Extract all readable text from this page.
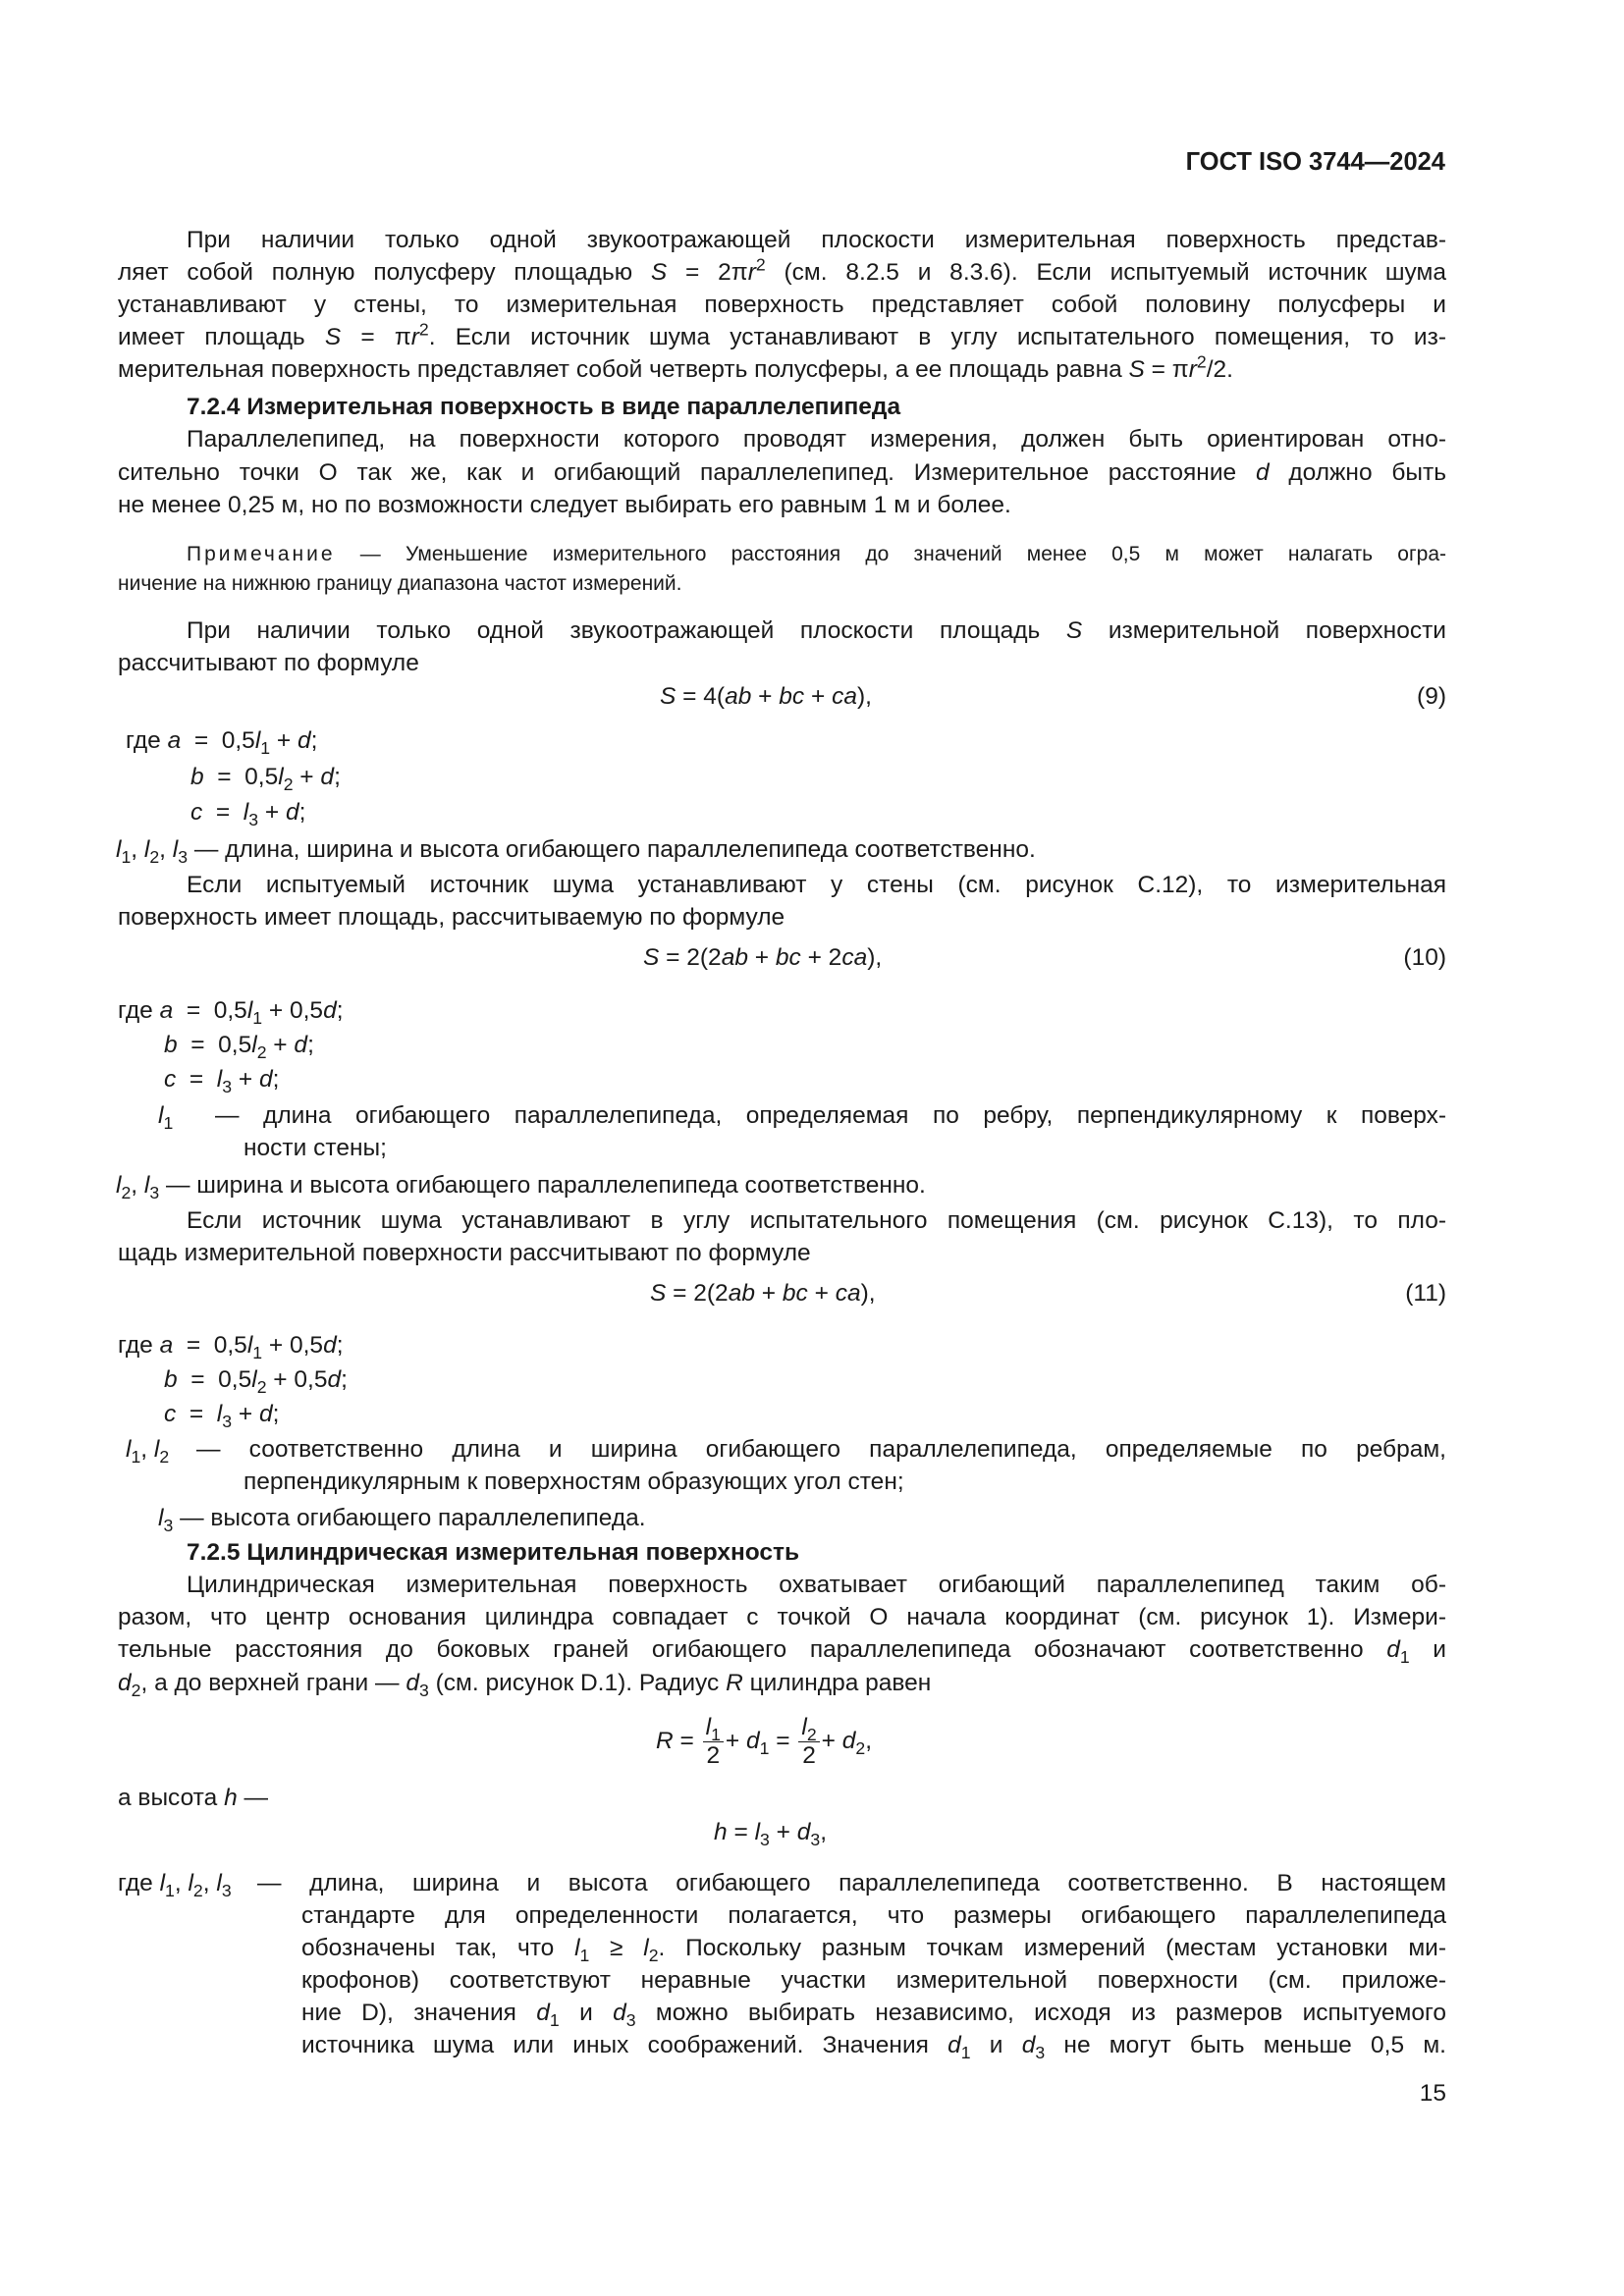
ГОСТ ISO 3744—2024
При наличии только одной звукоотражающей плоскости измерительная поверхность представ-
ляет собой полную полусферу площадью $S = 2\pi r^2$ (см. 8.2.5 и 8.3.6). Если испытуемый источник шума
устанавливают у стены, то измерительная поверхность представляет собой половину полусферы и
имеет площадь $S = \pi r^2$. Если источник шума устанавливают в углу испытательного помещения, то из-
мерительная поверхность представляет собой четверть полусферы, а ее площадь равна $S = \pi r^2/2$.
7.2.4 Измерительная поверхность в виде параллелепипеда
Параллелепипед, на поверхности которого проводят измерения, должен быть ориентирован отно-
сительно точки О так же, как и огибающий параллелепипед. Измерительное расстояние d должно быть
не менее 0,25 м, но по возможности следует выбирать его равным 1 м и более.
Примечание — Уменьшение измерительного расстояния до значений менее 0,5 м может налагать огра-
ничение на нижнюю границу диапазона частот измерений.
При наличии только одной звукоотражающей плоскости площадь S измерительной поверхности
рассчитывают по формуле
S = 4(ab + bc + ca),	(9)
где $a = 0,5l_1 + d$;
$b = 0,5l_2 + d$;
$c = l_3 + d$;
$l_1$, $l_2$, $l_3$ — длина, ширина и высота огибающего параллелепипеда соответственно.
Если испытуемый источник шума устанавливают у стены (см. рисунок С.12), то измерительная
поверхность имеет площадь, рассчитываемую по формуле
S = 2(2ab + bc + 2ca),	(10)
где $a = 0,5l_1 + 0,5d$;
$b = 0,5l_2 + d$;
$c = l_3 + d$;
$l_1$ — длина огибающего параллелепипеда, определяемая по ребру, перпендикулярному к поверх-
ности стены;
$l_2$, $l_3$ — ширина и высота огибающего параллелепипеда соответственно.
Если источник шума устанавливают в углу испытательного помещения (см. рисунок С.13), то пло-
щадь измерительной поверхности рассчитывают по формуле
S = 2(2ab + bc + ca),	(11)
где $a = 0,5l_1 + 0,5d$;
$b = 0,5l_2 + 0,5d$;
$c = l_3 + d$;
$l_1$, $l_2$ — соответственно длина и ширина огибающего параллелепипеда, определяемые по ребрам,
перпендикулярным к поверхностям образующих угол стен;
$l_3$ — высота огибающего параллелепипеда.
7.2.5 Цилиндрическая измерительная поверхность
Цилиндрическая измерительная поверхность охватывает огибающий параллелепипед таким об-
разом, что центр основания цилиндра совпадает с точкой О начала координат (см. рисунок 1). Измери-
тельные расстояния до боковых граней огибающего параллелепипеда обозначают соответственно $d_1$ и
$d_2$, а до верхней грани — $d_3$ (см. рисунок D.1). Радиус R цилиндра равен
$R = \frac{l_1}{2} + d_1 = \frac{l_2}{2} + d_2$,
а высота h —
$h = l_3 + d_3$,
где $l_1$, $l_2$, $l_3$ — длина, ширина и высота огибающего параллелепипеда соответственно. В настоящем
стандарте для определенности полагается, что размеры огибающего параллелепипеда
обозначены так, что $l_1 \ge l_2$. Поскольку разным точкам измерений (местам установки ми-
крофонов) соответствуют неравные участки измерительной поверхности (см. приложе-
ние D), значения $d_1$ и $d_3$ можно выбирать независимо, исходя из размеров испытуемого
источника шума или иных соображений. Значения $d_1$ и $d_3$ не могут быть меньше 0,5 м.
15
